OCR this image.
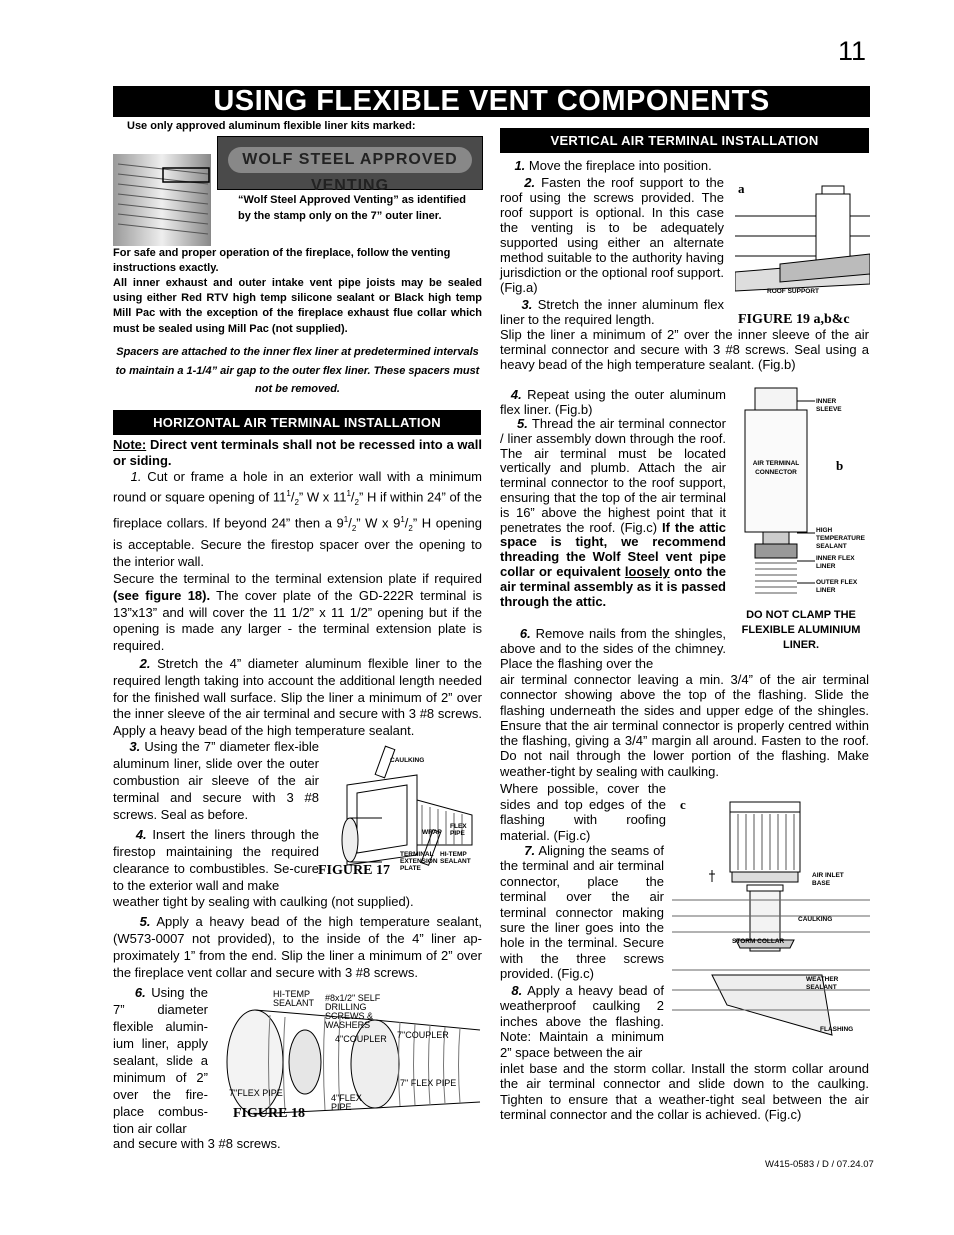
11
USING FLEXIBLE VENT COMPONENTS
Use only approved aluminum flexible liner kits marked:
WOLF STEEL APPROVED VENTING
“Wolf Steel Approved Venting” as identified by the stamp only on the 7” outer liner.
For safe and proper operation of the fireplace, follow the venting instructions exactly.
All inner exhaust and outer intake vent pipe joists may be sealed using either Red RTV high temp silicone sealant or Black high temp Mill Pac with the exception of the fireplace exhaust flue collar which must be sealed using Mill Pac (not supplied).
Spacers are attached to the inner flex liner at predetermined intervals to maintain a 1-1/4” air gap to the outer flex liner. These spacers must not be removed.
HORIZONTAL AIR TERMINAL INSTALLATION

Note: Direct vent terminals shall not be recessed into a wall or siding.

1. Cut or frame a hole in an exterior wall with a minimum round or square opening of $11^1/_2$” W x $11^1/_2$” H if within 24” of the fireplace collars. If beyond 24” then a $9^1/_2$” W x $9^1/_2$” H opening is acceptable. Secure the firestop spacer over the opening to the interior wall.

Secure the terminal to the terminal extension plate if required (see figure 18). The cover plate of the GD-222R terminal is 13”x13” and will cover the 11 1/2” x 11 1/2” opening but if the opening is made any larger - the terminal extension plate is required.

2. Stretch the 4” diameter aluminum flexible liner to the required length taking into account the additional length needed for the finished wall surface. Slip the liner a minimum of 2” over the inner sleeve of the air terminal and secure with 3 #8 screws. Apply a heavy bead of the high temperature sealant.

3. Using the 7” diameter flex-ible aluminum liner, slide over the outer combustion air sleeve of the air terminal and secure with 3 #8 screws. Seal as before.
4. Insert the liners through the firestop maintaining the required clearance to combustibles. Se-cure to the exterior wall and make
weather tight by sealing with caulking (not supplied).
CAULKING
FLEX PIPE
WRAP
TERMINAL EXTENSION PLATE
HI-TEMP SEALANT
FIGURE 17
5. Apply a heavy bead of the high temperature sealant, (W573-0007 not provided), to the inside of the 4” liner ap-proximately 1” from the end. Slip the liner a minimum of 2” over the fireplace vent collar and secure with 3 #8 screws.
6. Using the 7” diameter flexible alumin-ium liner, apply sealant, slide a minimum of 2” over the fire-place combus-tion air collar
and secure with 3 #8 screws.
HI-TEMP SEALANT #8x1/2" SELF DRILLING SCREWS & WASHERS
4"COUPLER 7"COUPLER
7"FLEX PIPE
7" FLEX PIPE
4"FLEX PIPE
FIGURE 18
VERTICAL AIR TERMINAL INSTALLATION
1. Move the fireplace into position.
2. Fasten the roof support to the roof using the screws provided. The roof support is optional. In this case the venting is to be adequately supported using either an alternate method suitable to the authority having jurisdiction or the optional roof support. (Fig.a)
3. Stretch the inner aluminum flex liner to the required length.
Slip the liner a minimum of 2” over the inner sleeve of the air terminal connector and secure with 3 #8 screws. Seal using a heavy bead of the high temperature sealant. (Fig.b)
a
ROOF SUPPORT
FIGURE 19 a,b&c
4. Repeat using the outer aluminum flex liner. (Fig.b)
5. Thread the air terminal connector / liner assembly down through the roof. The air terminal must be located vertically and plumb. Attach the air terminal connector to the roof support, ensuring that the top of the air terminal is 16” above the highest point that it penetrates the roof. (Fig.c) If the attic space is tight, we recommend threading the Wolf Steel vent pipe collar or equivalent loosely onto the air terminal assembly as it is passed through the attic.
INNER SLEEVE
AIR TERMINAL CONNECTOR
HIGH TEMPERATURE SEALANT
INNER FLEX LINER
OUTER FLEX LINER
b
DO NOT CLAMP THE FLEXIBLE ALUMINIUM LINER.
6. Remove nails from the shingles, above and to the sides of the chimney. Place the flashing over the
air terminal connector leaving a min. 3/4” of the air terminal connector showing above the top of the flashing. Slide the flashing underneath the sides and upper edge of the shingles. Ensure that the air terminal connector is properly centred within the flashing, giving a 3/4” margin all around. Fasten to the roof. Do not nail through the lower portion of the flashing. Make weather-tight by sealing with caulking.
Where possible, cover the sides and top edges of the flashing with roofing material. (Fig.c)
c
AIR INLET BASE
CAULKING
STORM COLLAR
WEATHER SEALANT
FLASHING
7. Aligning the seams of the terminal and air terminal connector, place the terminal over the air terminal connector making sure the liner goes into the hole in the terminal. Secure with the three screws provided. (Fig.c)
8. Apply a heavy bead of weatherproof caulking 2 inches above the flashing. Note: Maintain a minimum 2” space between the air
inlet base and the storm collar. Install the storm collar around the air terminal connector and slide down to the caulking. Tighten to ensure that a weather-tight seal between the air terminal connector and the collar is achieved. (Fig.c)
W415-0583 / D / 07.24.07
